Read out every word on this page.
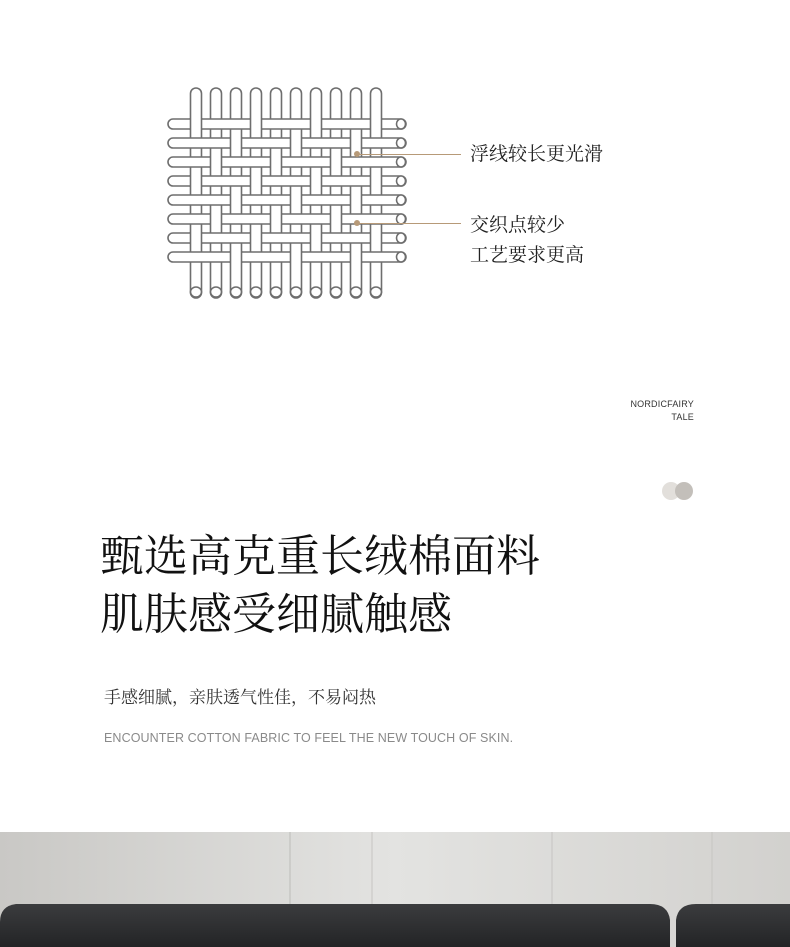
浮线较长更光滑
交织点较少
工艺要求更高
NORDICFAIRY
TALE
甄选高克重长绒棉面料
肌肤感受细腻触感
手感细腻，亲肤透气性佳，不易闷热
ENCOUNTER COTTON FABRIC TO FEEL THE NEW TOUCH OF SKIN.
